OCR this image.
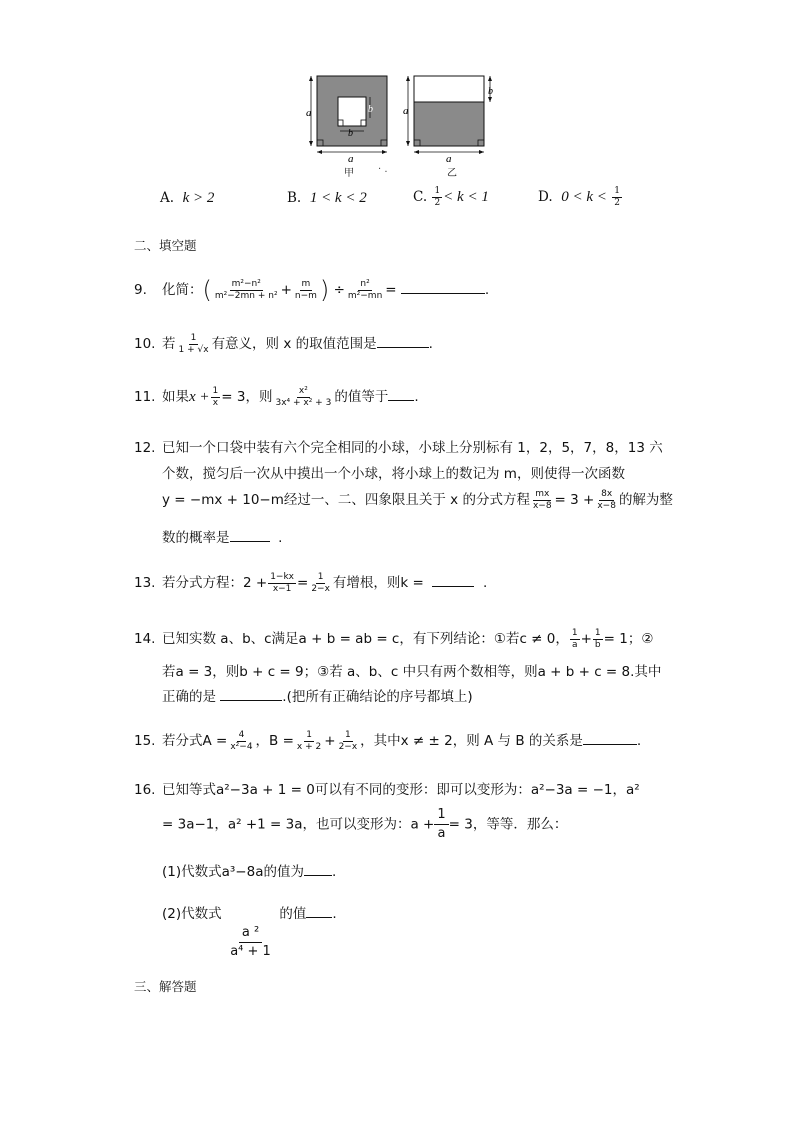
a
a
b
b
a
b
a
甲 · .	乙
A. k > 2	B. 1 < k < 2	C. $\frac{1}{2} < k < 1$	D. $0 < k < \frac{1}{2}$
二、填空题
9. 化简：( $\frac{\text{m²−n²}}{\text{m²−2mn + n²}} + \frac{m}{n-m}$ ) ÷ $\frac{\text{n²}}{\text{m²−mn}}$ =	.
10. 若 $\frac{1}{1 + √x}$ 有意义，则 x 的取值范围是	.
11. 如果$x + \frac{1}{x} = 3$，则 $\frac{\text{x²}}{\text{3x⁴ + x² + 3}}$ 的值等于 .
12. 已知一个口袋中装有六个完全相同的小球，小球上分别标有 1，2，5，7，8，13 六
个数，搅匀后一次从中摸出一个小球，将小球上的数记为 m，则使得一次函数
y = −mx + 10−m经过一、二、四象限且关于 x 的分式方程 $\frac{mx}{x-8} = 3 + \frac{8x}{x-8}$ 的解为整
数的概率是	.
13. 若分式方程：$2 + \frac{1-kx}{x-1} = \frac{1}{2-x}$ 有增根，则k =	.
14. 已知实数 a、b、c满足a + b = ab = c，有下列结论：①若c ≠ 0， $\frac{1}{a} + \frac{1}{b} = 1$；②
若a = 3，则b + c = 9；③若 a、b、c 中只有两个数相等，则a + b + c = 8.其中
正确的是	.(把所有正确结论的序号都填上)
15. 若分式$A = \frac{4}{\text{x²−4}}$ ，$B = \frac{1}{x + 2} + \frac{1}{2-x}$ ，其中x ≠ ± 2，则 A 与 B 的关系是	.
16. 已知等式a²−3a + 1 = 0可以有不同的变形：即可以变形为：a²−3a = −1，a²
= 3a−1，a² +1 = 3a，也可以变形为：$a + \frac{1}{a} = 3$，等等．那么：
(1)代数式a³−8a的值为 .
(2)代数式
$\frac{\text{a ²}}{\text{a⁴ + 1}}$
的值 .
三、解答题
